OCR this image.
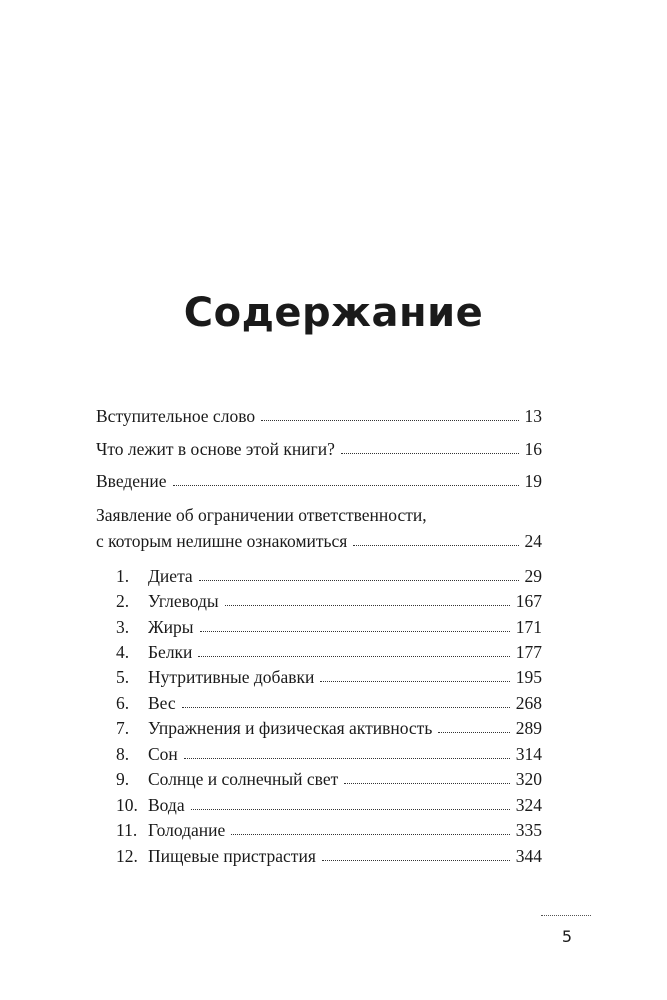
Содержание
Вступительное слово	13
Что лежит в основе этой книги?	16
Введение	19
Заявление об ограничении ответственности,
с которым нелишне ознакомиться	24
1.	Диета	29
2.	Углеводы	167
3.	Жиры	171
4.	Белки	177
5.	Нутритивные добавки	195
6.	Вес	268
7.	Упражнения и физическая активность	289
8.	Сон	314
9.	Солнце и солнечный свет	320
10. Вода	324
11. Голодание	335
12. Пищевые пристрастия	344
5
